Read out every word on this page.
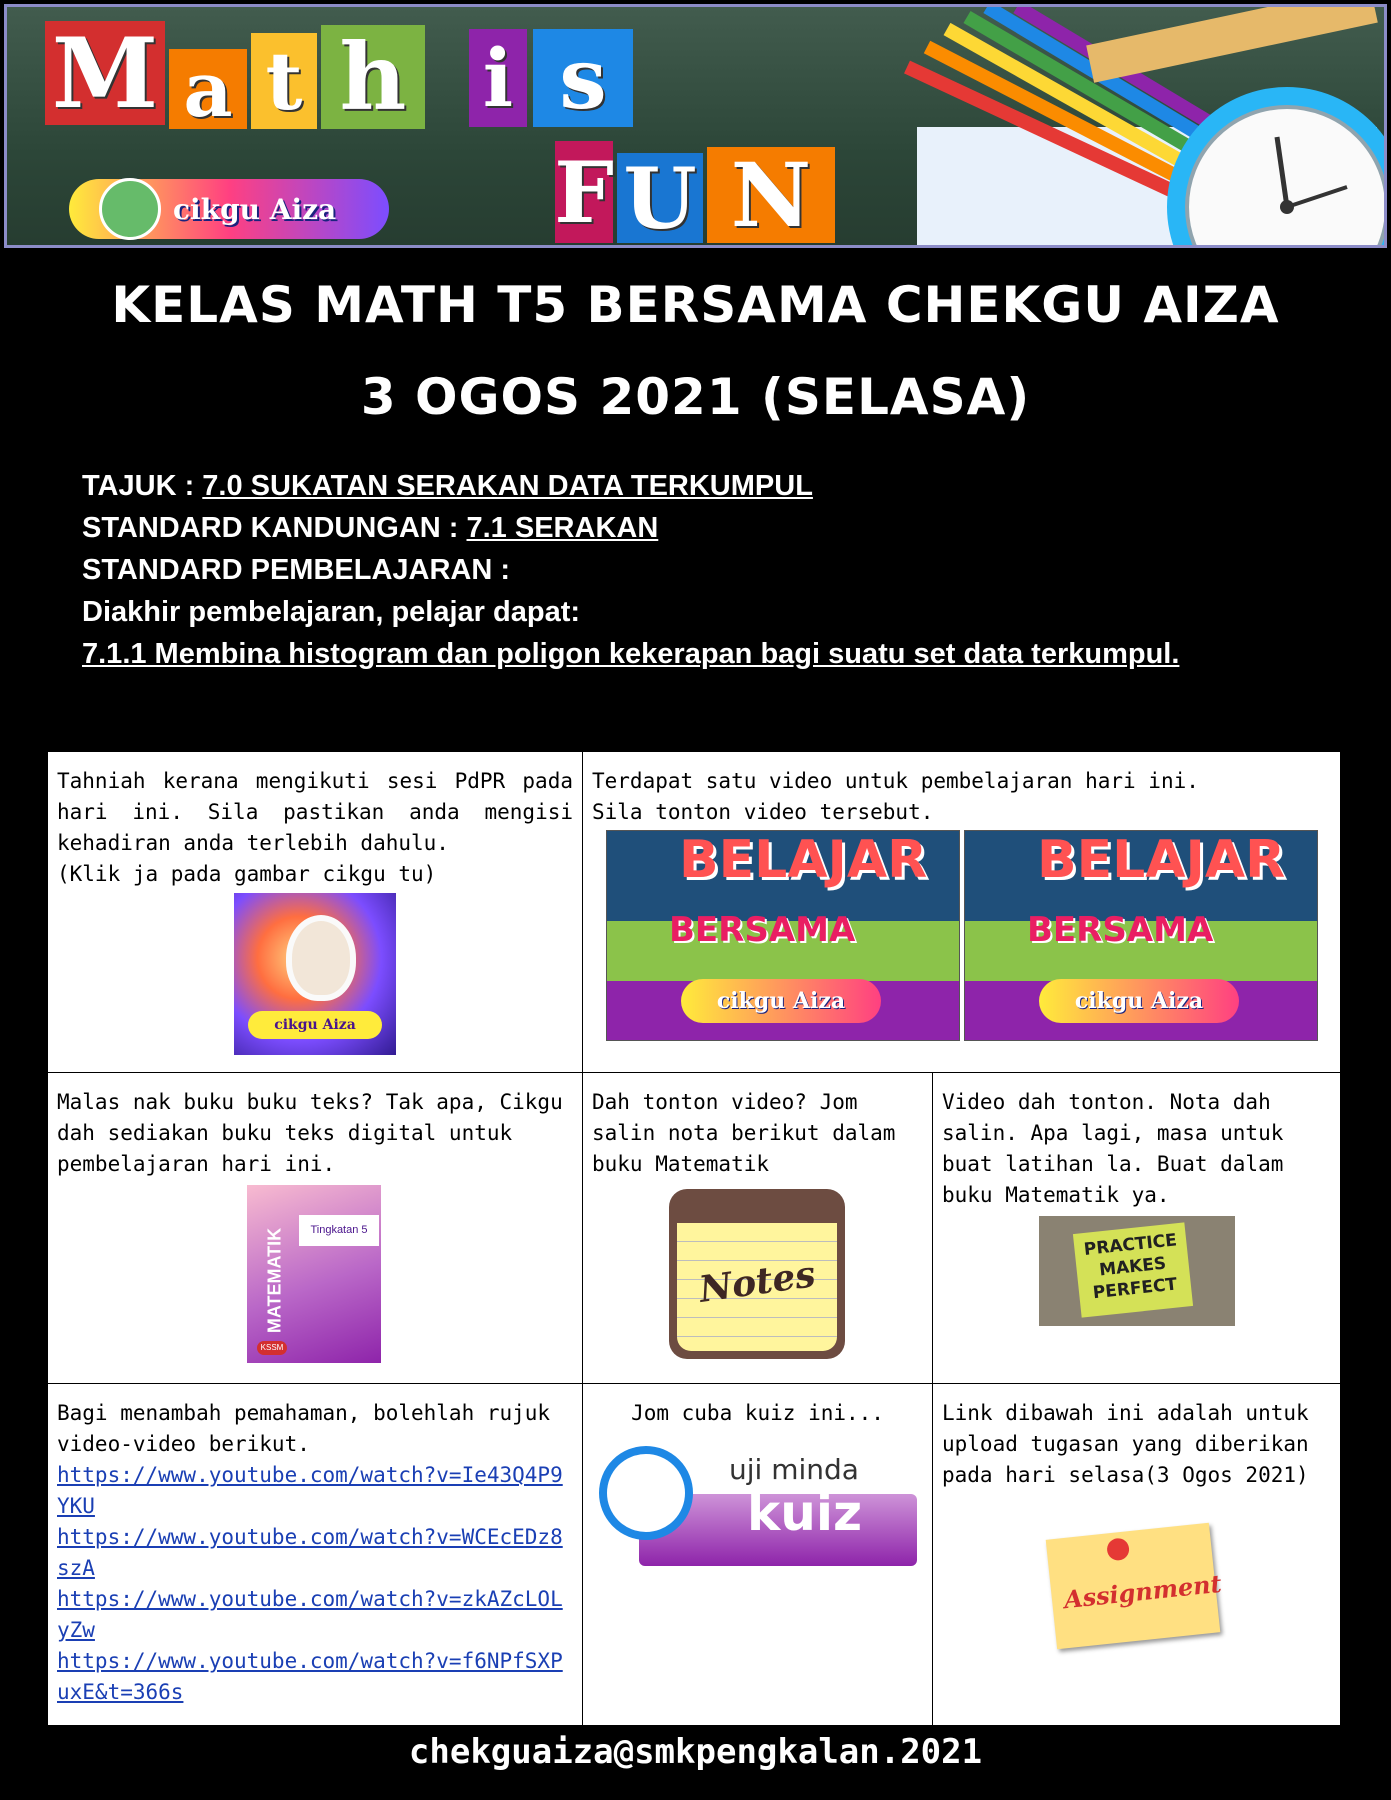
M a t h i s
F U N
cikgu Aiza
KELAS MATH T5 BERSAMA CHEKGU AIZA
3 OGOS 2021 (SELASA)
TAJUK : 7.0 SUKATAN SERAKAN DATA TERKUMPUL
STANDARD KANDUNGAN : 7.1 SERAKAN
STANDARD PEMBELAJARAN :
Diakhir pembelajaran, pelajar dapat:
7.1.1 Membina histogram dan poligon kekerapan bagi suatu set data terkumpul.
Tahniah kerana mengikuti sesi PdPR pada hari ini. Sila pastikan anda mengisi kehadiran anda terlebih dahulu.
(Klik ja pada gambar cikgu tu)
cikgu Aiza
Terdapat satu video untuk pembelajaran hari ini.
Sila tonton video tersebut.
BELAJAR
BERSAMA
cikgu Aiza
BELAJAR
BERSAMA
cikgu Aiza
Malas nak buku buku teks? Tak apa, Cikgu dah sediakan buku teks digital untuk pembelajaran hari ini.
MATEMATIK	Tingkatan 5
KSSM
Dah tonton video? Jom salin nota berikut dalam buku Matematik
Notes
Video dah tonton. Nota dah salin. Apa lagi, masa untuk buat latihan la. Buat dalam buku Matematik ya.
PRACTICE MAKES PERFECT
Bagi menambah pemahaman, bolehlah rujuk video-video berikut.
https://www.youtube.com/watch?v=Ie43Q4P9YKU
https://www.youtube.com/watch?v=WCEcEDz8szA
https://www.youtube.com/watch?v=zkAZcLOLyZw
https://www.youtube.com/watch?v=f6NPfSXPuxE&t=366s
Jom cuba kuiz ini...
uji minda
kuiz
Link dibawah ini adalah untuk upload tugasan yang diberikan pada hari selasa(3 Ogos 2021)
Assignment
chekguaiza@smkpengkalan.2021
